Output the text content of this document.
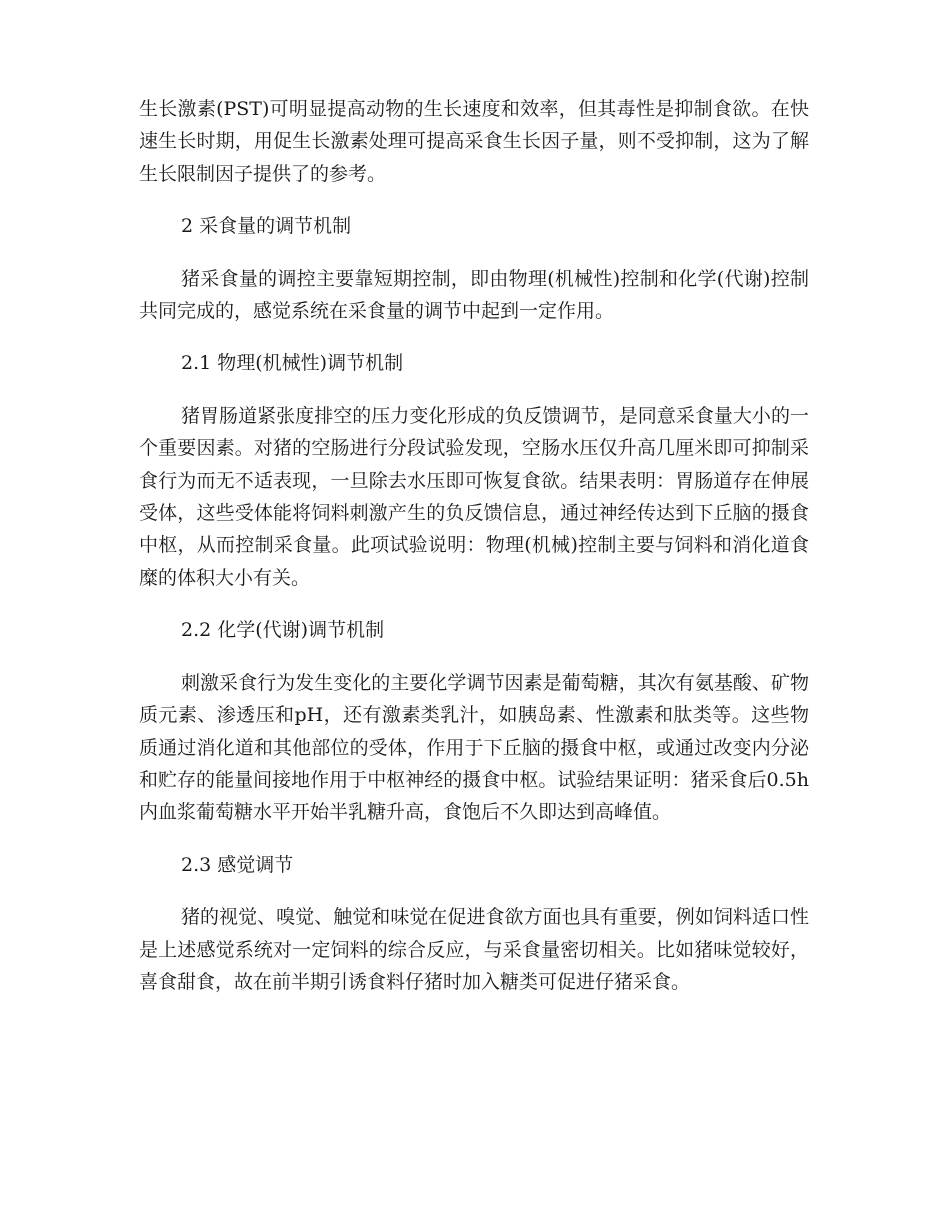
生长激素(PST)可明显提高动物的生长速度和效率，但其毒性是抑制食欲。在快速生长时期，用促生长激素处理可提高采食生长因子量，则不受抑制，这为了解生长限制因子提供了的参考。

2 采食量的调节机制

猪采食量的调控主要靠短期控制，即由物理(机械性)控制和化学(代谢)控制共同完成的，感觉系统在采食量的调节中起到一定作用。

2.1 物理(机械性)调节机制

猪胃肠道紧张度排空的压力变化形成的负反馈调节，是同意采食量大小的一个重要因素。对猪的空肠进行分段试验发现，空肠水压仅升高几厘米即可抑制采食行为而无不适表现，一旦除去水压即可恢复食欲。结果表明：胃肠道存在伸展受体，这些受体能将饲料刺激产生的负反馈信息，通过神经传达到下丘脑的摄食中枢，从而控制采食量。此项试验说明：物理(机械)控制主要与饲料和消化道食糜的体积大小有关。

2.2 化学(代谢)调节机制

刺激采食行为发生变化的主要化学调节因素是葡萄糖，其次有氨基酸、矿物质元素、渗透压和pH，还有激素类乳汁，如胰岛素、性激素和肽类等。这些物质通过消化道和其他部位的受体，作用于下丘脑的摄食中枢，或通过改变内分泌和贮存的能量间接地作用于中枢神经的摄食中枢。试验结果证明：猪采食后0.5h内血浆葡萄糖水平开始半乳糖升高，食饱后不久即达到高峰值。

2.3 感觉调节

猪的视觉、嗅觉、触觉和味觉在促进食欲方面也具有重要，例如饲料适口性是上述感觉系统对一定饲料的综合反应，与采食量密切相关。比如猪味觉较好，喜食甜食，故在前半期引诱食料仔猪时加入糖类可促进仔猪采食。
